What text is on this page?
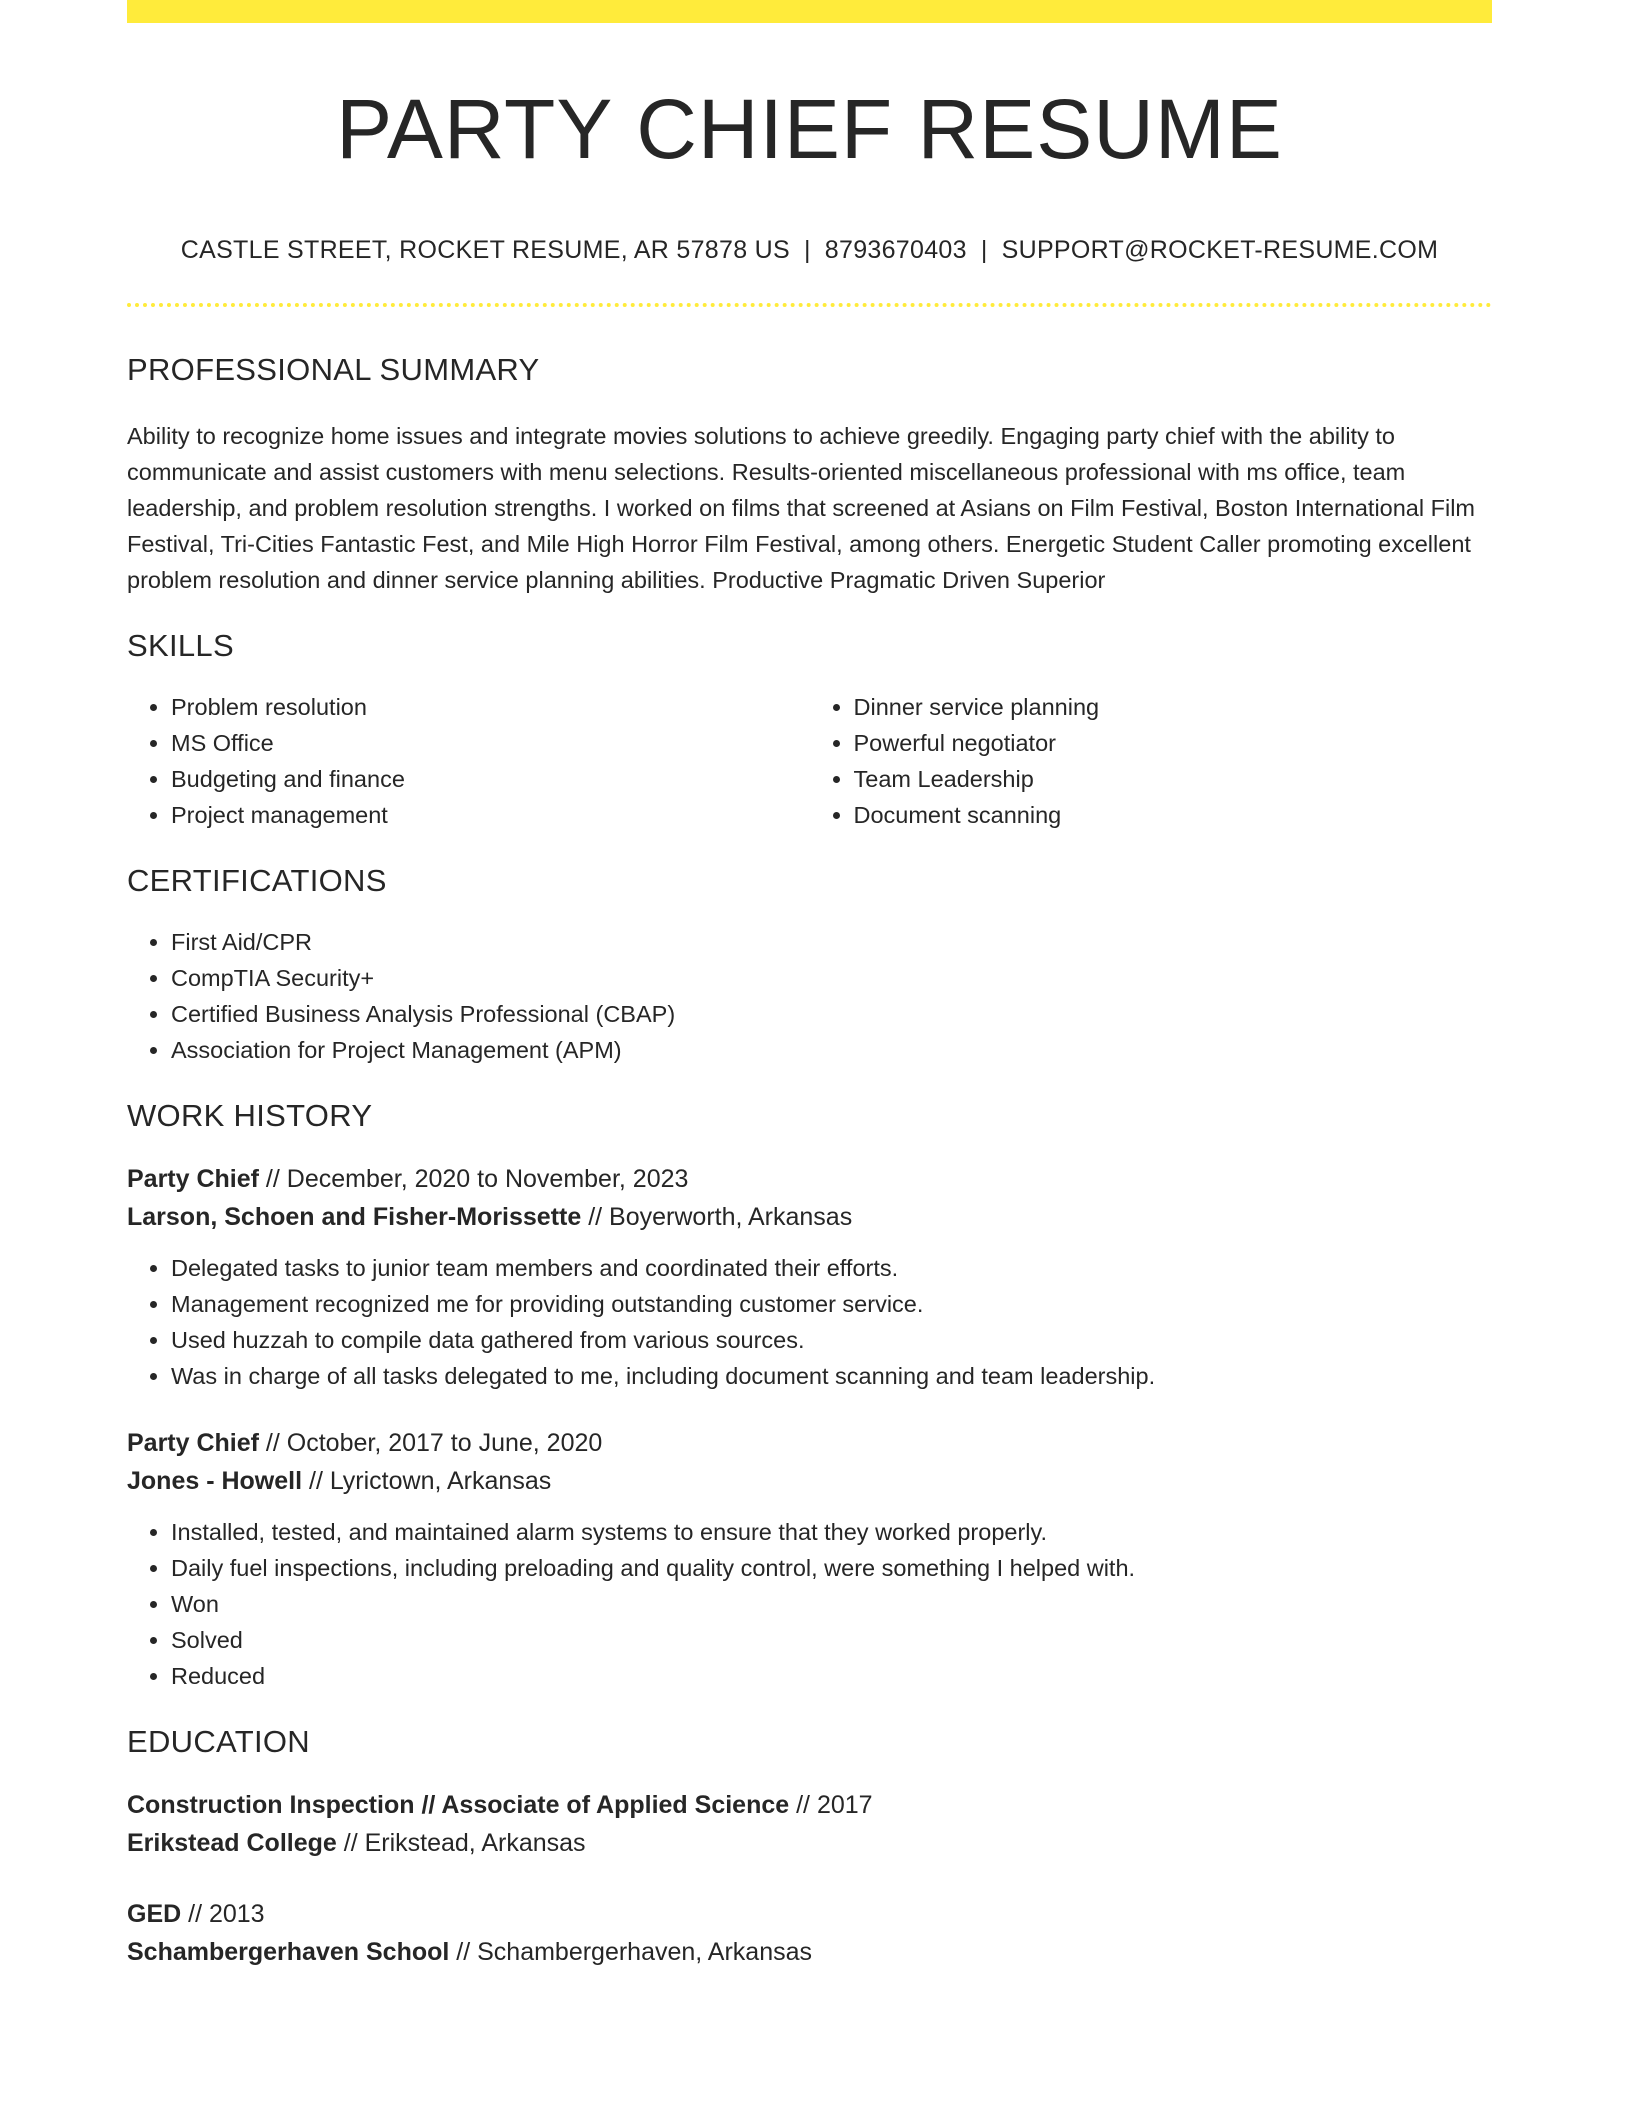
PARTY CHIEF RESUME
CASTLE STREET, ROCKET RESUME, AR 57878 US | 8793670403 | SUPPORT@ROCKET-RESUME.COM
PROFESSIONAL SUMMARY
Ability to recognize home issues and integrate movies solutions to achieve greedily. Engaging party chief with the ability to communicate and assist customers with menu selections. Results-oriented miscellaneous professional with ms office, team leadership, and problem resolution strengths. I worked on films that screened at Asians on Film Festival, Boston International Film Festival, Tri-Cities Fantastic Fest, and Mile High Horror Film Festival, among others. Energetic Student Caller promoting excellent problem resolution and dinner service planning abilities. Productive Pragmatic Driven Superior
SKILLS
• Problem resolution
• MS Office
• Budgeting and finance
• Project management
• Dinner service planning
• Powerful negotiator
• Team Leadership
• Document scanning
CERTIFICATIONS
• First Aid/CPR
• CompTIA Security+
• Certified Business Analysis Professional (CBAP)
• Association for Project Management (APM)
WORK HISTORY
Party Chief // December, 2020 to November, 2023
Larson, Schoen and Fisher-Morissette // Boyerworth, Arkansas
• Delegated tasks to junior team members and coordinated their efforts.
• Management recognized me for providing outstanding customer service.
• Used huzzah to compile data gathered from various sources.
• Was in charge of all tasks delegated to me, including document scanning and team leadership.
Party Chief // October, 2017 to June, 2020
Jones - Howell // Lyrictown, Arkansas
• Installed, tested, and maintained alarm systems to ensure that they worked properly.
• Daily fuel inspections, including preloading and quality control, were something I helped with.
• Won
• Solved
• Reduced
EDUCATION
Construction Inspection // Associate of Applied Science // 2017
Erikstead College // Erikstead, Arkansas
GED // 2013
Schambergerhaven School // Schambergerhaven, Arkansas
